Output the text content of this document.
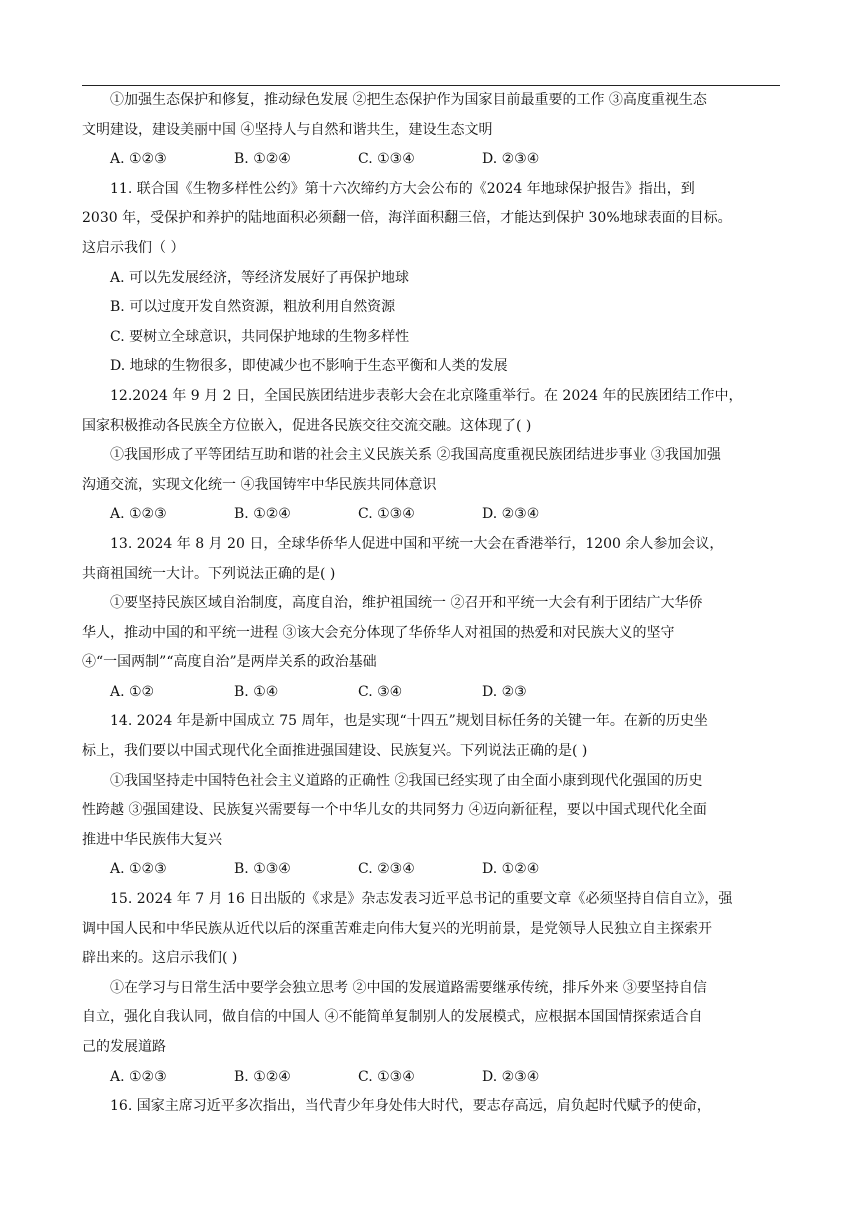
①加强生态保护和修复，推动绿色发展 ②把生态保护作为国家目前最重要的工作 ③高度重视生态
文明建设，建设美丽中国 ④坚持人与自然和谐共生，建设生态文明
A. ①②③	B. ①②④	C. ①③④	D. ②③④
11. 联合国《生物多样性公约》第十六次缔约方大会公布的《2024 年地球保护报告》指出，到
2030 年，受保护和养护的陆地面积必须翻一倍，海洋面积翻三倍，才能达到保护 30%地球表面的目标。
这启示我们（ ）
A. 可以先发展经济，等经济发展好了再保护地球
B. 可以过度开发自然资源，粗放利用自然资源
C. 要树立全球意识，共同保护地球的生物多样性
D. 地球的生物很多，即使减少也不影响于生态平衡和人类的发展
12.2024 年 9 月 2 日，全国民族团结进步表彰大会在北京隆重举行。在 2024 年的民族团结工作中，
国家积极推动各民族全方位嵌入，促进各民族交往交流交融。这体现了( )
①我国形成了平等团结互助和谐的社会主义民族关系 ②我国高度重视民族团结进步事业 ③我国加强
沟通交流，实现文化统一 ④我国铸牢中华民族共同体意识
A. ①②③	B. ①②④	C. ①③④	D. ②③④
13. 2024 年 8 月 20 日，全球华侨华人促进中国和平统一大会在香港举行，1200 余人参加会议，
共商祖国统一大计。下列说法正确的是( )
①要坚持民族区域自治制度，高度自治，维护祖国统一 ②召开和平统一大会有利于团结广大华侨
华人，推动中国的和平统一进程 ③该大会充分体现了华侨华人对祖国的热爱和对民族大义的坚守
④“一国两制”“高度自治”是两岸关系的政治基础
A. ①②	B. ①④	C. ③④	D. ②③
14. 2024 年是新中国成立 75 周年，也是实现“十四五”规划目标任务的关键一年。在新的历史坐
标上，我们要以中国式现代化全面推进强国建设、民族复兴。下列说法正确的是( )
①我国坚持走中国特色社会主义道路的正确性 ②我国已经实现了由全面小康到现代化强国的历史
性跨越 ③强国建设、民族复兴需要每一个中华儿女的共同努力 ④迈向新征程，要以中国式现代化全面
推进中华民族伟大复兴
A. ①②③	B. ①③④	C. ②③④	D. ①②④
15. 2024 年 7 月 16 日出版的《求是》杂志发表习近平总书记的重要文章《必须坚持自信自立》，强
调中国人民和中华民族从近代以后的深重苦难走向伟大复兴的光明前景，是党领导人民独立自主探索开
辟出来的。这启示我们( )
①在学习与日常生活中要学会独立思考 ②中国的发展道路需要继承传统，排斥外来 ③要坚持自信
自立，强化自我认同，做自信的中国人 ④不能简单复制别人的发展模式，应根据本国国情探索适合自
己的发展道路
A. ①②③	B. ①②④	C. ①③④	D. ②③④
16. 国家主席习近平多次指出，当代青少年身处伟大时代，要志存高远，肩负起时代赋予的使命，
